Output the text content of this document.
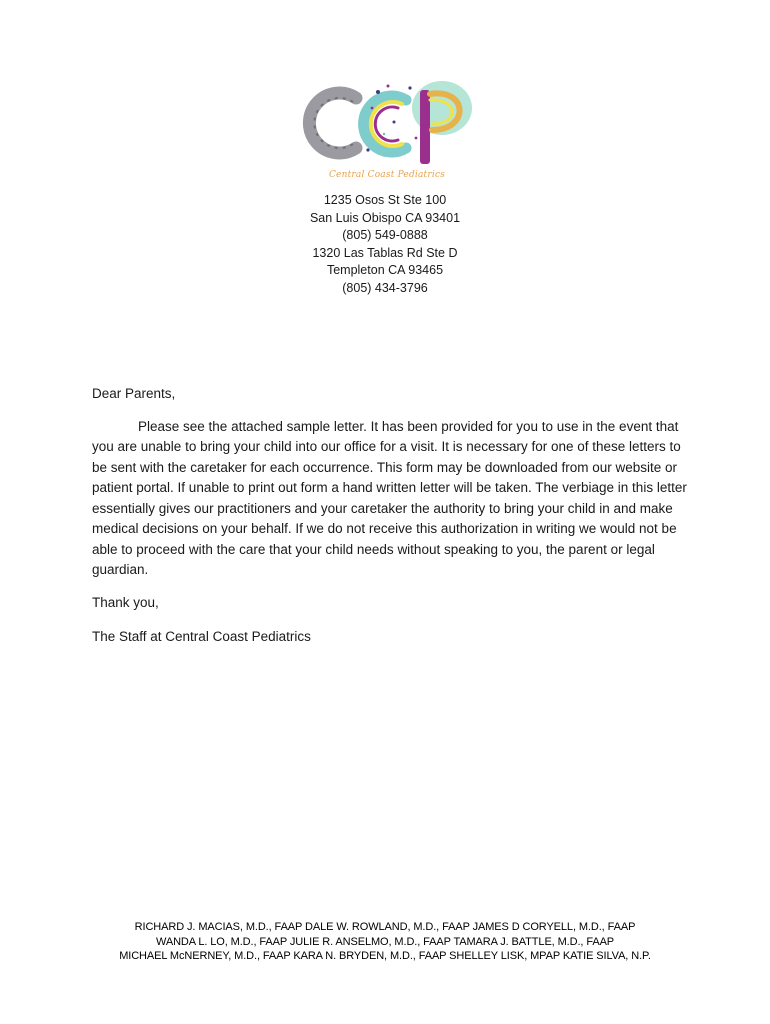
Central Coast Pediatrics
1235 Osos St Ste 100
San Luis Obispo CA 93401
(805) 549-0888
1320 Las Tablas Rd Ste D
Templeton CA 93465
(805) 434-3796

Dear Parents,

Please see the attached sample letter. It has been provided for you to use in the event that you are unable to bring your child into our office for a visit. It is necessary for one of these letters to be sent with the caretaker for each occurrence. This form may be downloaded from our website or patient portal. If unable to print out form a hand written letter will be taken. The verbiage in this letter essentially gives our practitioners and your caretaker the authority to bring your child in and make medical decisions on your behalf. If we do not receive this authorization in writing we would not be able to proceed with the care that your child needs without speaking to you, the parent or legal guardian.

Thank you,

The Staff at Central Coast Pediatrics

RICHARD J. MACIAS, M.D., FAAP DALE W. ROWLAND, M.D., FAAP JAMES D CORYELL, M.D., FAAP
WANDA L. LO, M.D., FAAP JULIE R. ANSELMO, M.D., FAAP TAMARA J. BATTLE, M.D., FAAP
MICHAEL McNERNEY, M.D., FAAP KARA N. BRYDEN, M.D., FAAP SHELLEY LISK, MPAP KATIE SILVA, N.P.
